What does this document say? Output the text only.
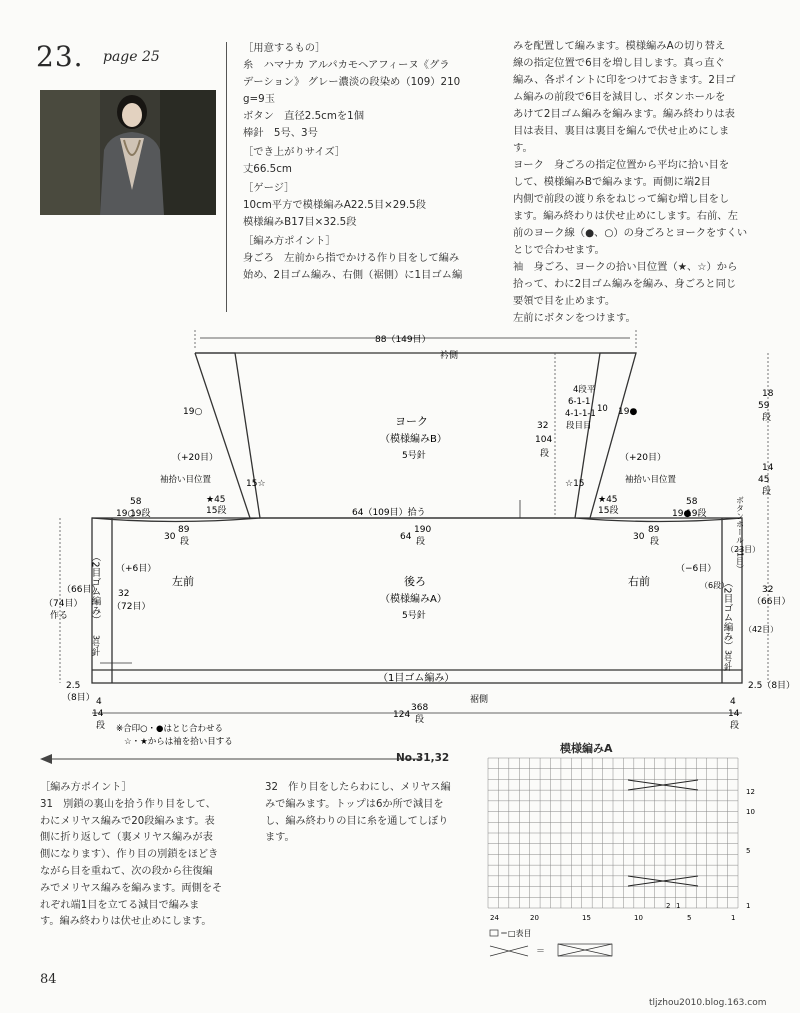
23. page 25

［用意するもの］

糸　ハマナカ アルパカモヘアフィーヌ《グラ

デーション》 グレー濃淡の段染め（109）210

g=9玉

ボタン　直径2.5cmを1個

棒針　5号、3号

［でき上がりサイズ］

丈66.5cm

［ゲージ］

10cm平方で模様編みA22.5目×29.5段

模様編みB17目×32.5段

［編み方ポイント］

身ごろ　左前から指でかける作り目をして編み

始め、2目ゴム編み、右側（裾側）に1目ゴム編

みを配置して編みます。模様編みAの切り替え

線の指定位置で6目を増し目します。真っ直ぐ

編み、各ポイントに印をつけておきます。2目ゴ

ム編みの前段で6目を減目し、ボタンホールを

あけて2目ゴム編みを編みます。編み終わりは表

目は表目、裏目は裏目を編んで伏せ止めにしま

す。

ヨーク　身ごろの指定位置から平均に拾い目を

して、模様編みBで編みます。両側に端2目

内側で前段の渡り糸をねじって編む増し目をし

ます。編み終わりは伏せ止めにします。右前、左

前のヨーク線（●、○）の身ごろとヨークをすくい

とじで合わせます。

袖　身ごろ、ヨークの拾い目位置（★、☆）から

拾って、わに2目ゴム編みを編み、身ごろと同じ

要領で目を止めます。

左前にボタンをつけます。

88（149目）
衿側
ヨーク
（模様編みB）
5号針
4段平
6-1-1
4-1-1-1
段目目
10
32
104
段
19○	19●
（+20目）	（+20目）
袖拾い目位置	袖拾い目位置
15☆	☆15
★45
15段
★45
15段
64（109目）拾う
58
19段
19○
58
19段
19●
30
89
段	30
89
段
64
190
段
18
59
段
14
45
段
ボタンホール（1目）
後ろ
（模様編みA）
5号針
左前	右前
（2目ゴム編み）
3号針	（2目ゴム編み）
3号針
（+6目）	（−6目）
32
（72目）
（66目）
（74目）
作る
32
（66目）
（23目）
（6段）
（42目）
（1目ゴム編み）
裾側
124
368
段
2.5
（8目）
2.5（8目）
4
14
段
4
14
段
※合印○・●はとじ合わせる
☆・★からは袖を拾い目する
No.31,32

［編み方ポイント］

31　別鎖の裏山を拾う作り目をして、

わにメリヤス編みで20段編みます。表

側に折り返して（裏メリヤス編みが表

側になります）、作り目の別鎖をほどき

ながら目を重ねて、次の段から往復編

みでメリヤス編みを編みます。両側をそ

れぞれ端1目を立てる減目で編みま

す。編み終わりは伏せ止めにします。

32　作り目をしたらわにし、メリヤス編

みで編みます。トップは6か所で減目を

し、編み終わりの目に糸を通してしぼり

ます。

模様編みA
12
10
5
1
24	20	15	10	5	1
2 1
＝□表目
＝
84
tljzhou2010.blog.163.com
